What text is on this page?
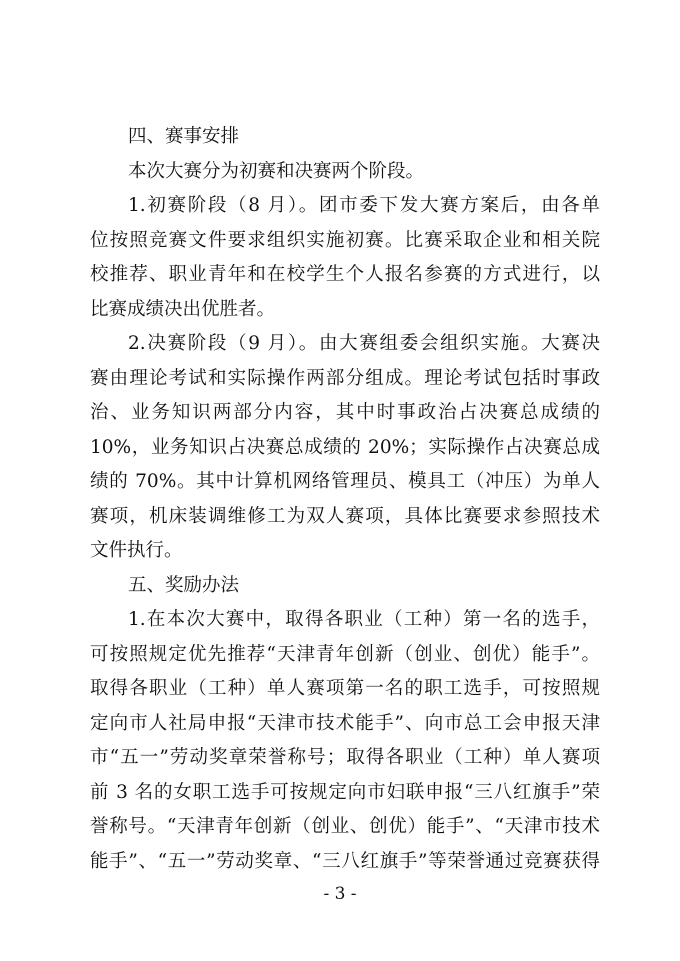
四、赛事安排
本次大赛分为初赛和决赛两个阶段。
1.初赛阶段（8 月）。团市委下发大赛方案后，由各单
位按照竞赛文件要求组织实施初赛。比赛采取企业和相关院
校推荐、职业青年和在校学生个人报名参赛的方式进行，以
比赛成绩决出优胜者。
2.决赛阶段（9 月）。由大赛组委会组织实施。大赛决
赛由理论考试和实际操作两部分组成。理论考试包括时事政
治、业务知识两部分内容，其中时事政治占决赛总成绩的
10%，业务知识占决赛总成绩的 20%；实际操作占决赛总成
绩的 70%。其中计算机网络管理员、模具工（冲压）为单人
赛项，机床装调维修工为双人赛项，具体比赛要求参照技术
文件执行。
五、奖励办法
1.在本次大赛中，取得各职业（工种）第一名的选手，
可按照规定优先推荐“天津青年创新（创业、创优）能手”。
取得各职业（工种）单人赛项第一名的职工选手，可按照规
定向市人社局申报“天津市技术能手”、向市总工会申报天津
市“五一”劳动奖章荣誉称号；取得各职业（工种）单人赛项
前 3 名的女职工选手可按规定向市妇联申报“三八红旗手”荣
誉称号。“天津青年创新（创业、创优）能手”、“天津市技术
能手”、“五一”劳动奖章、“三八红旗手”等荣誉通过竞赛获得
- 3 -
